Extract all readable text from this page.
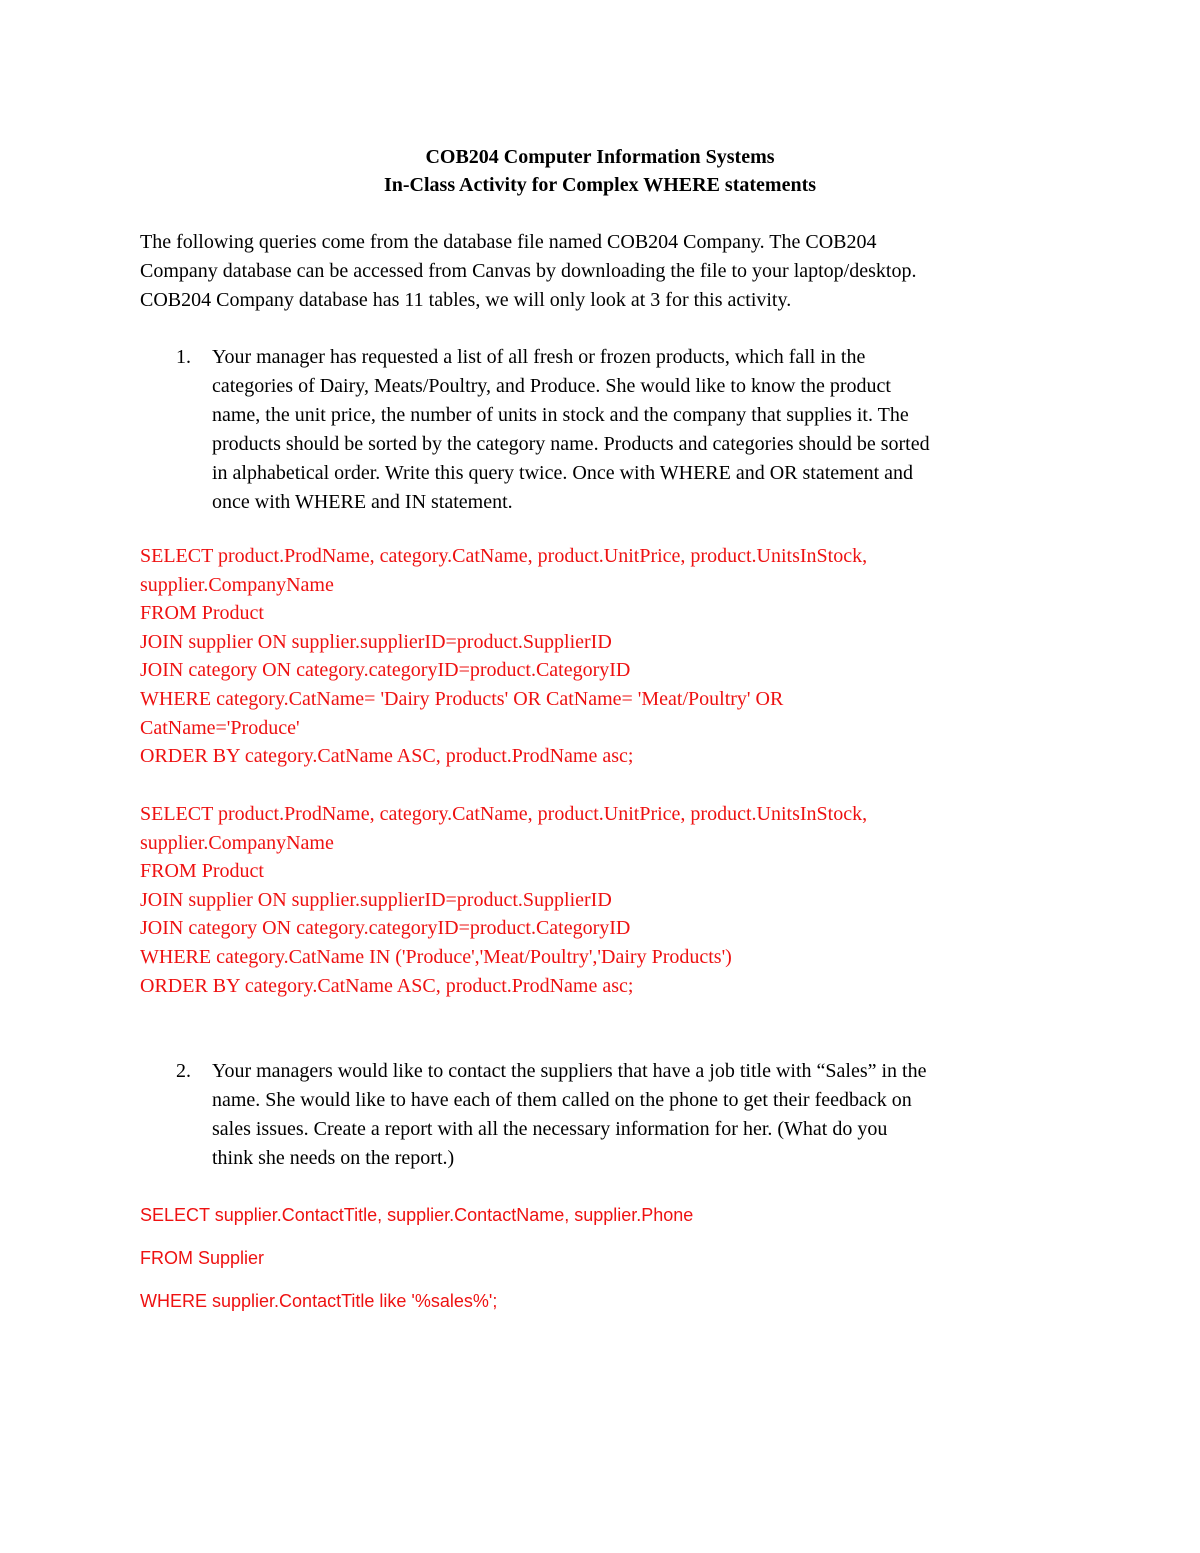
COB204 Computer Information Systems
In-Class Activity for Complex WHERE statements
The following queries come from the database file named COB204 Company. The COB204
Company database can be accessed from Canvas by downloading the file to your laptop/desktop.
COB204 Company database has 11 tables, we will only look at 3 for this activity.
1. Your manager has requested a list of all fresh or frozen products, which fall in the
categories of Dairy, Meats/Poultry, and Produce. She would like to know the product
name, the unit price, the number of units in stock and the company that supplies it. The
products should be sorted by the category name. Products and categories should be sorted
in alphabetical order. Write this query twice. Once with WHERE and OR statement and
once with WHERE and IN statement.
SELECT product.ProdName, category.CatName, product.UnitPrice, product.UnitsInStock,
supplier.CompanyName
FROM Product
JOIN supplier ON supplier.supplierID=product.SupplierID
JOIN category ON category.categoryID=product.CategoryID
WHERE category.CatName= 'Dairy Products' OR CatName= 'Meat/Poultry' OR
CatName='Produce'
ORDER BY category.CatName ASC, product.ProdName asc;
SELECT product.ProdName, category.CatName, product.UnitPrice, product.UnitsInStock,
supplier.CompanyName
FROM Product
JOIN supplier ON supplier.supplierID=product.SupplierID
JOIN category ON category.categoryID=product.CategoryID
WHERE category.CatName IN ('Produce','Meat/Poultry','Dairy Products')
ORDER BY category.CatName ASC, product.ProdName asc;
2. Your managers would like to contact the suppliers that have a job title with “Sales” in the
name. She would like to have each of them called on the phone to get their feedback on
sales issues. Create a report with all the necessary information for her. (What do you
think she needs on the report.)
SELECT supplier.ContactTitle, supplier.ContactName, supplier.Phone
FROM Supplier
WHERE supplier.ContactTitle like '%sales%';
